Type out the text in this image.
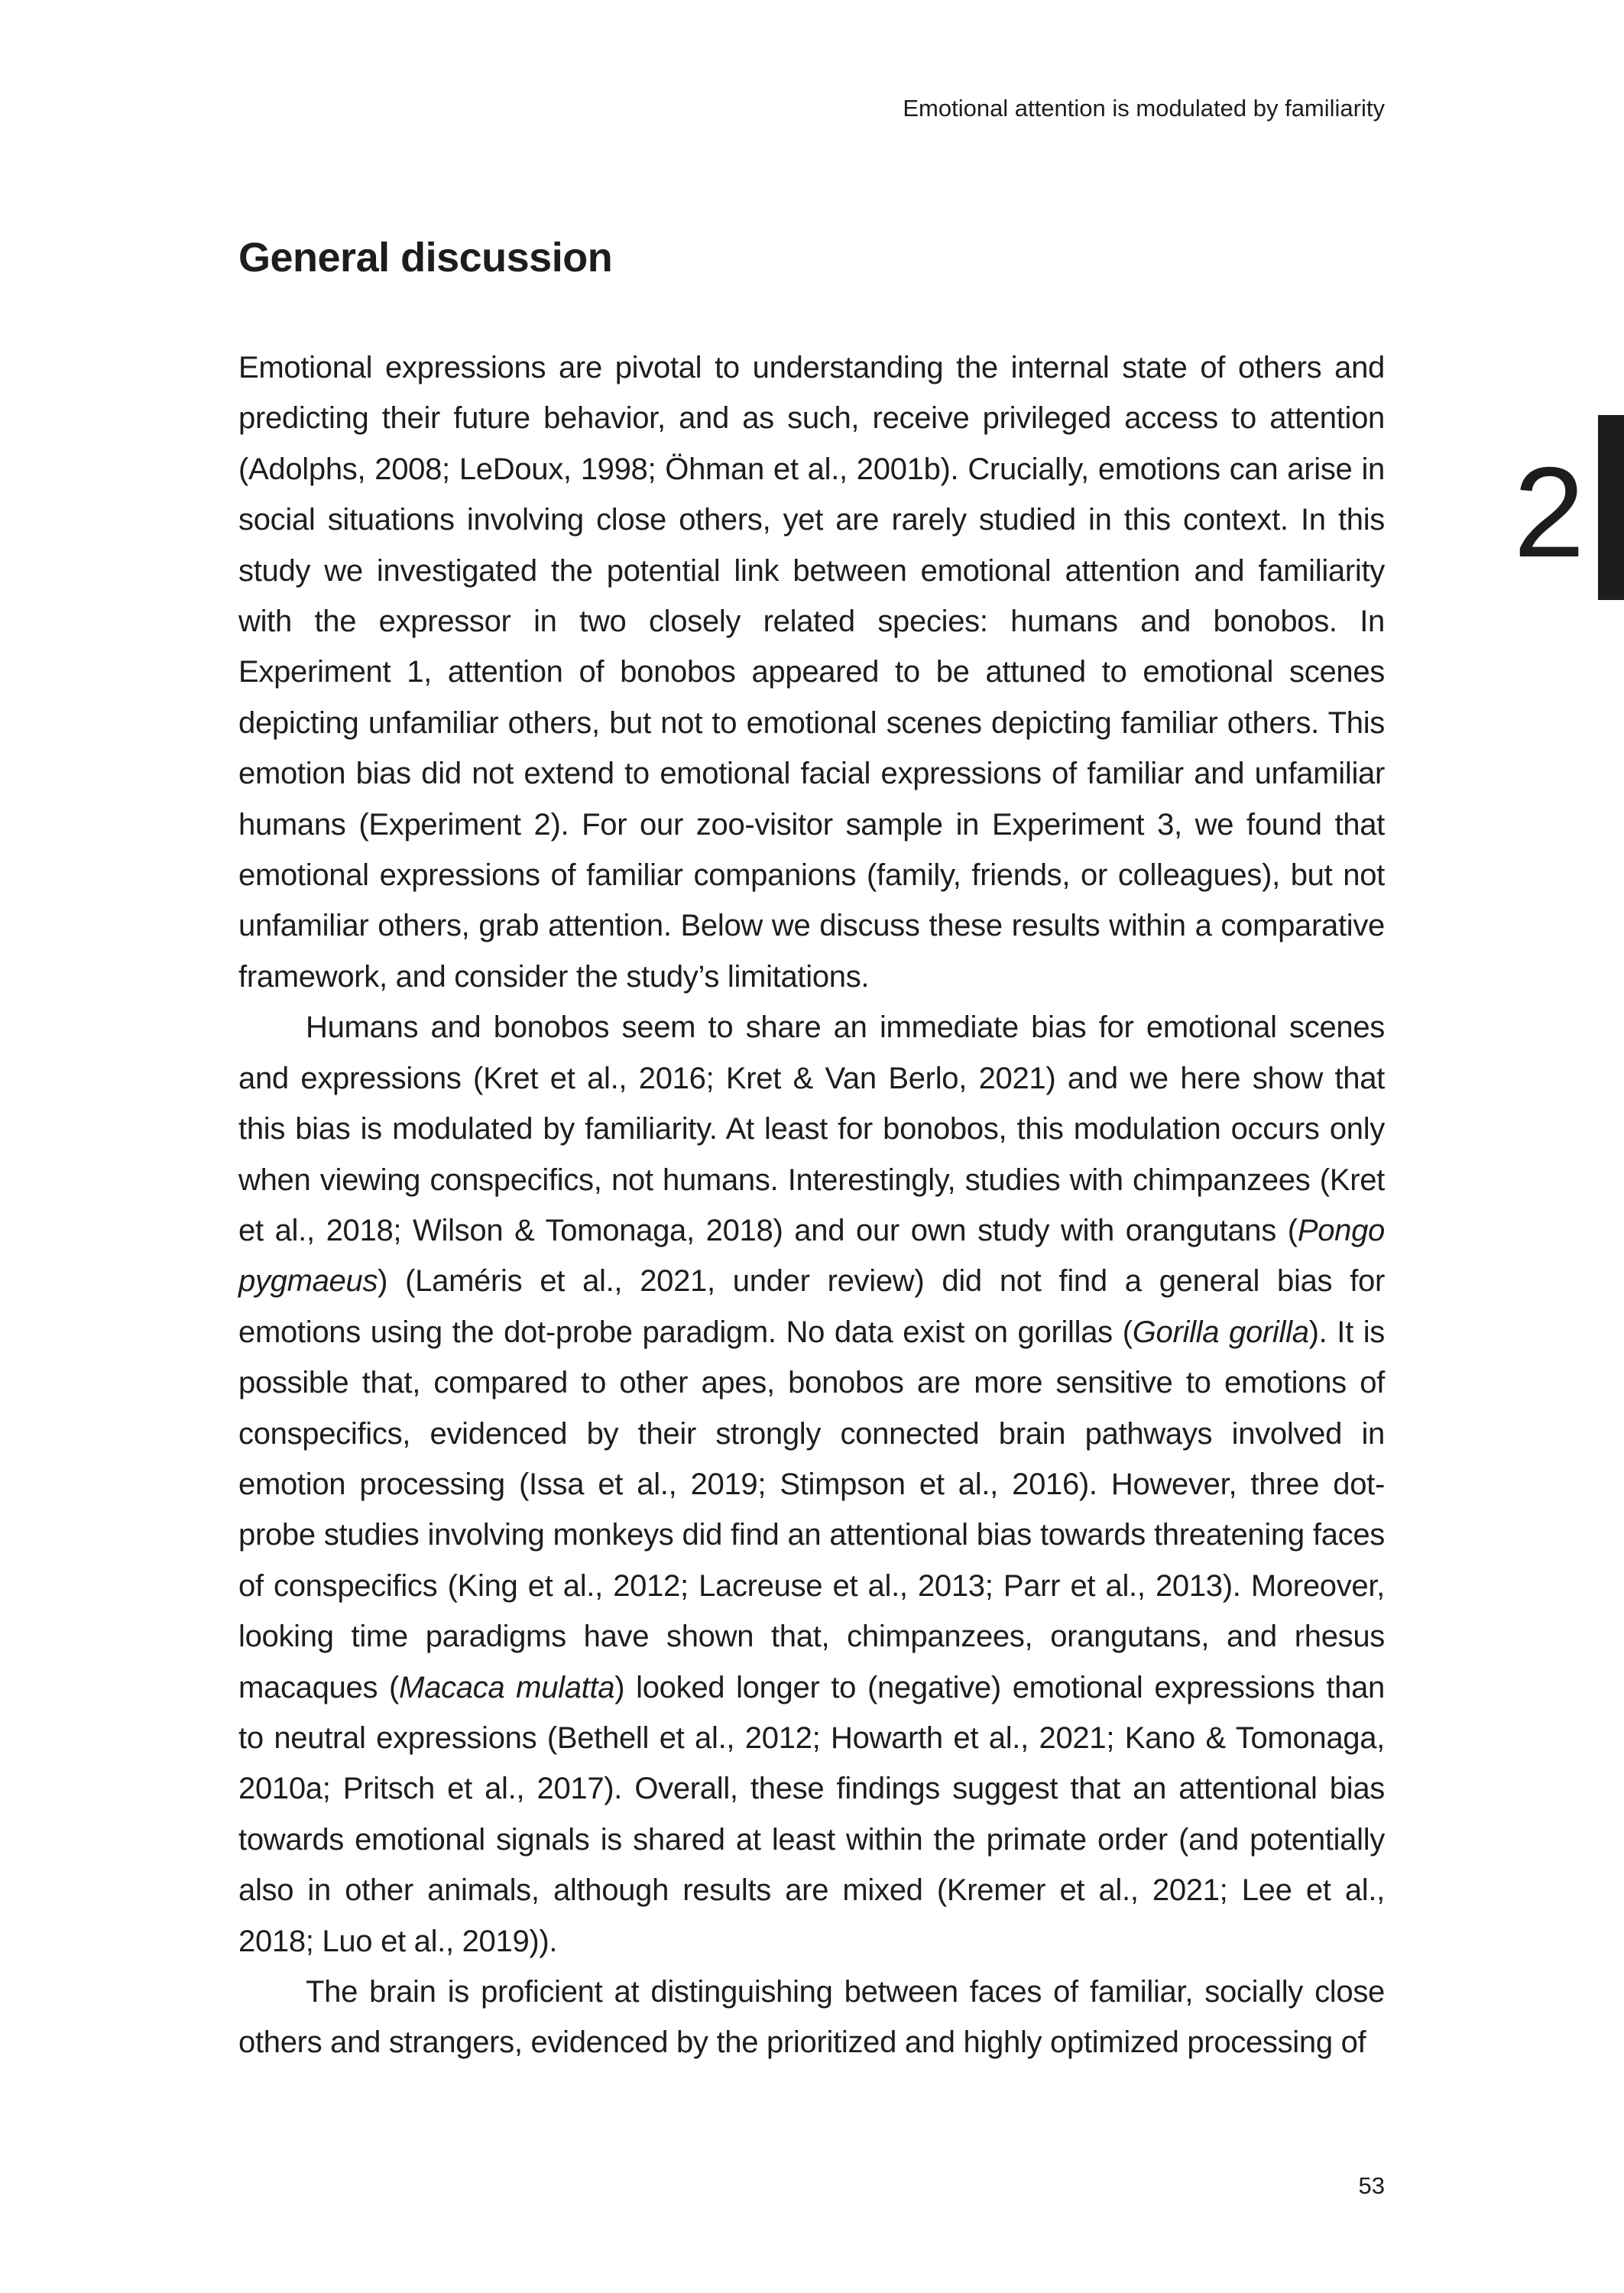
Emotional attention is modulated by familiarity
General discussion
2

Emotional expressions are pivotal to understanding the internal state of others and predicting their future behavior, and as such, receive privileged access to attention (Adolphs, 2008; LeDoux, 1998; Öhman et al., 2001b). Crucially, emotions can arise in social situations involving close others, yet are rarely studied in this context. In this study we investigated the potential link between emotional attention and familiarity with the expressor in two closely related species: humans and bonobos. In Experiment 1, attention of bonobos appeared to be attuned to emotional scenes depicting unfamiliar others, but not to emotional scenes depicting familiar others. This emotion bias did not extend to emotional facial expressions of familiar and unfamiliar humans (Experiment 2). For our zoo-visitor sample in Experiment 3, we found that emotional expressions of familiar companions (family, friends, or colleagues), but not unfamiliar others, grab attention. Below we discuss these results within a comparative framework, and consider the study’s limitations.

Humans and bonobos seem to share an immediate bias for emotional scenes and expressions (Kret et al., 2016; Kret & Van Berlo, 2021) and we here show that this bias is modulated by familiarity. At least for bonobos, this modulation occurs only when viewing conspecifics, not humans. Interestingly, studies with chimpanzees (Kret et al., 2018; Wilson & Tomonaga, 2018) and our own study with orangutans (Pongo pygmaeus) (Laméris et al., 2021, under review) did not find a general bias for emotions using the dot-probe paradigm. No data exist on gorillas (Gorilla gorilla). It is possible that, compared to other apes, bonobos are more sensitive to emotions of conspecifics, evidenced by their strongly connected brain pathways involved in emotion processing (Issa et al., 2019; Stimpson et al., 2016). However, three dot-probe studies involving monkeys did find an attentional bias towards threatening faces of conspecifics (King et al., 2012; Lacreuse et al., 2013; Parr et al., 2013). Moreover, looking time paradigms have shown that, chimpanzees, orangutans, and rhesus macaques (Macaca mulatta) looked longer to (negative) emotional expressions than to neutral expressions (Bethell et al., 2012; Howarth et al., 2021; Kano & Tomonaga, 2010a; Pritsch et al., 2017). Overall, these findings suggest that an attentional bias towards emotional signals is shared at least within the primate order (and potentially also in other animals, although results are mixed (Kremer et al., 2021; Lee et al., 2018; Luo et al., 2019)).

The brain is proficient at distinguishing between faces of familiar, socially close others and strangers, evidenced by the prioritized and highly optimized processing of

53
